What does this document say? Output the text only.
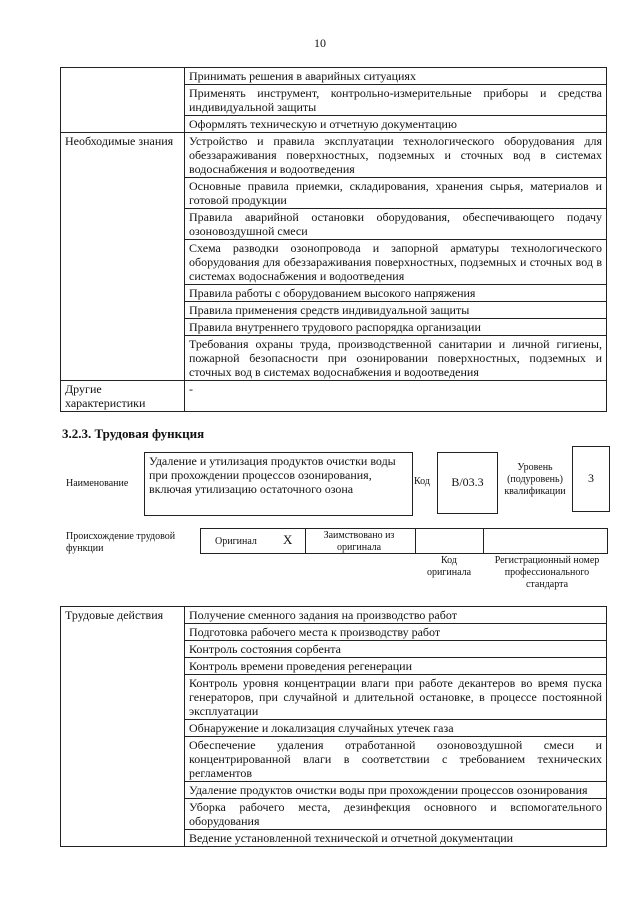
10
	Принимать решения в аварийных ситуациях
	Применять инструмент, контрольно-измерительные приборы и средства индивидуальной защиты
	Оформлять техническую и отчетную документацию
Необходимые знания	Устройство и правила эксплуатации технологического оборудования для обеззараживания поверхностных, подземных и сточных вод в системах водоснабжения и водоотведения
	Основные правила приемки, складирования, хранения сырья, материалов и готовой продукции
	Правила аварийной остановки оборудования, обеспечивающего подачу озоновоздушной смеси
	Схема разводки озонопровода и запорной арматуры технологического оборудования для обеззараживания поверхностных, подземных и сточных вод в системах водоснабжения и водоотведения
	Правила работы с оборудованием высокого напряжения
	Правила применения средств индивидуальной защиты
	Правила внутреннего трудового распорядка организации
	Требования охраны труда, производственной санитарии и личной гигиены, пожарной безопасности при озонировании поверхностных, подземных и сточных вод в системах водоснабжения и водоотведения
Другие характеристики	-
3.2.3. Трудовая функция
Наименование
Удаление и утилизация продуктов очистки воды при прохождении процессов озонирования, включая утилизацию остаточного озона
Код	B/03.3
Уровень (подуровень) квалификации
3
Происхождение трудовой функции
Оригинал X	Заимствовано из оригинала
Код оригинала
Регистрационный номер профессионального стандарта
Трудовые действия	Получение сменного задания на производство работ
Подготовка рабочего места к производству работ
Контроль состояния сорбента
Контроль времени проведения регенерации
Контроль уровня концентрации влаги при работе декантеров во время пуска генераторов, при случайной и длительной остановке, в процессе постоянной эксплуатации
Обнаружение и локализация случайных утечек газа
Обеспечение удаления отработанной озоновоздушной смеси и концентрированной влаги в соответствии с требованием технических регламентов
Удаление продуктов очистки воды при прохождении процессов озонирования
Уборка рабочего места, дезинфекция основного и вспомогательного оборудования
Ведение установленной технической и отчетной документации
